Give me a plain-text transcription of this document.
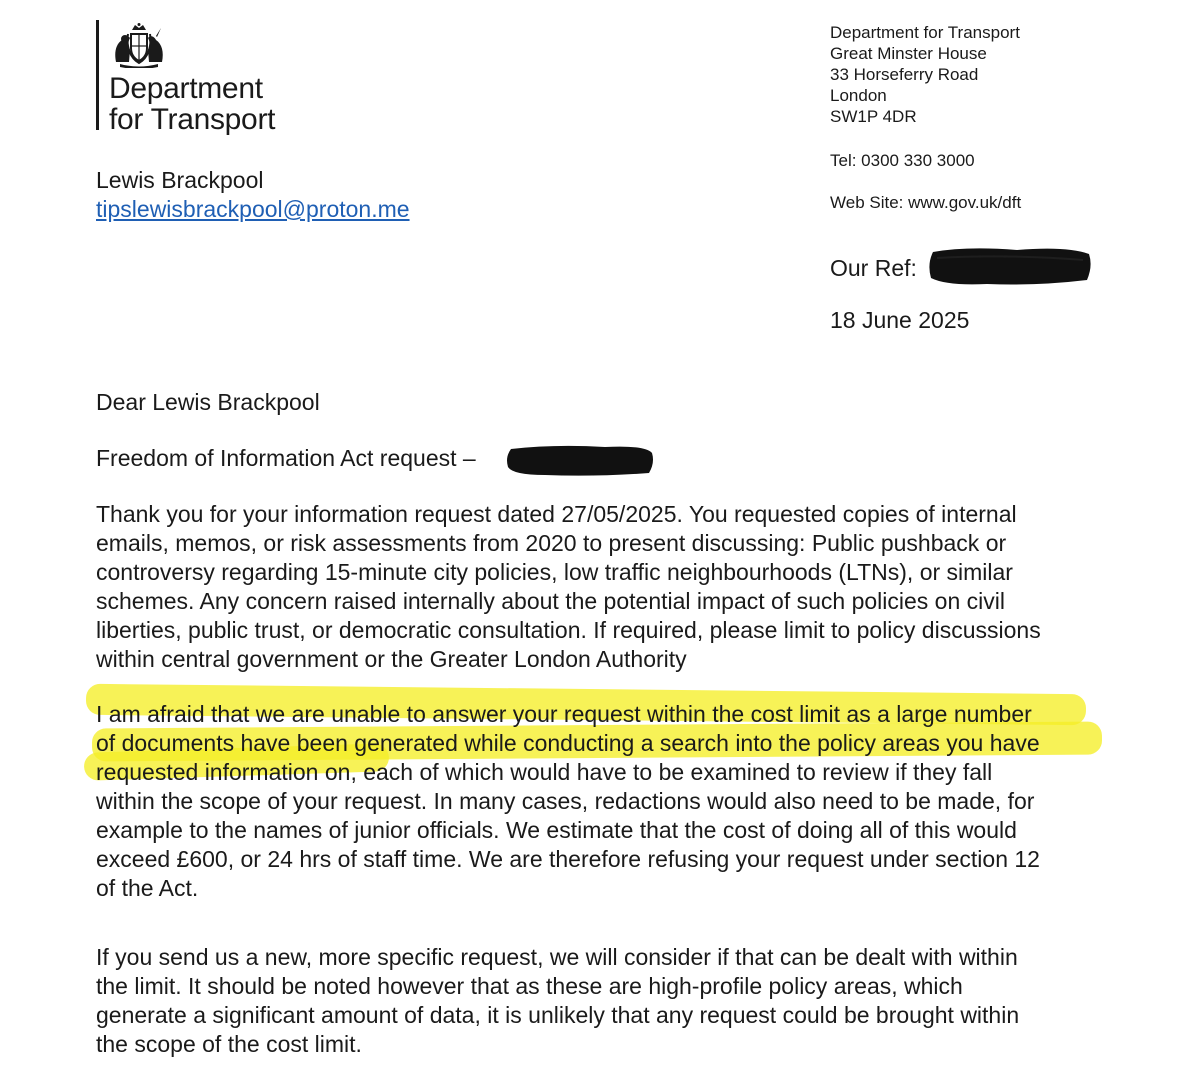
Department
for Transport
Lewis Brackpool
tipslewisbrackpool@proton.me
Department for Transport
Great Minster House
33 Horseferry Road
London
SW1P 4DR
Tel: 0300 330 3000
Web Site: www.gov.uk/dft
Our Ref:
18 June 2025
Dear Lewis Brackpool
Freedom of Information Act request –
Thank you for your information request dated 27/05/2025. You requested copies of internal
emails, memos, or risk assessments from 2020 to present discussing: Public pushback or
controversy regarding 15-minute city policies, low traffic neighbourhoods (LTNs), or similar
schemes. Any concern raised internally about the potential impact of such policies on civil
liberties, public trust, or democratic consultation. If required, please limit to policy discussions
within central government or the Greater London Authority
I am afraid that we are unable to answer your request within the cost limit as a large number
of documents have been generated while conducting a search into the policy areas you have
requested information on, each of which would have to be examined to review if they fall
within the scope of your request. In many cases, redactions would also need to be made, for
example to the names of junior officials. We estimate that the cost of doing all of this would
exceed £600, or 24 hrs of staff time. We are therefore refusing your request under section 12
of the Act.
If you send us a new, more specific request, we will consider if that can be dealt with within
the limit. It should be noted however that as these are high-profile policy areas, which
generate a significant amount of data, it is unlikely that any request could be brought within
the scope of the cost limit.
